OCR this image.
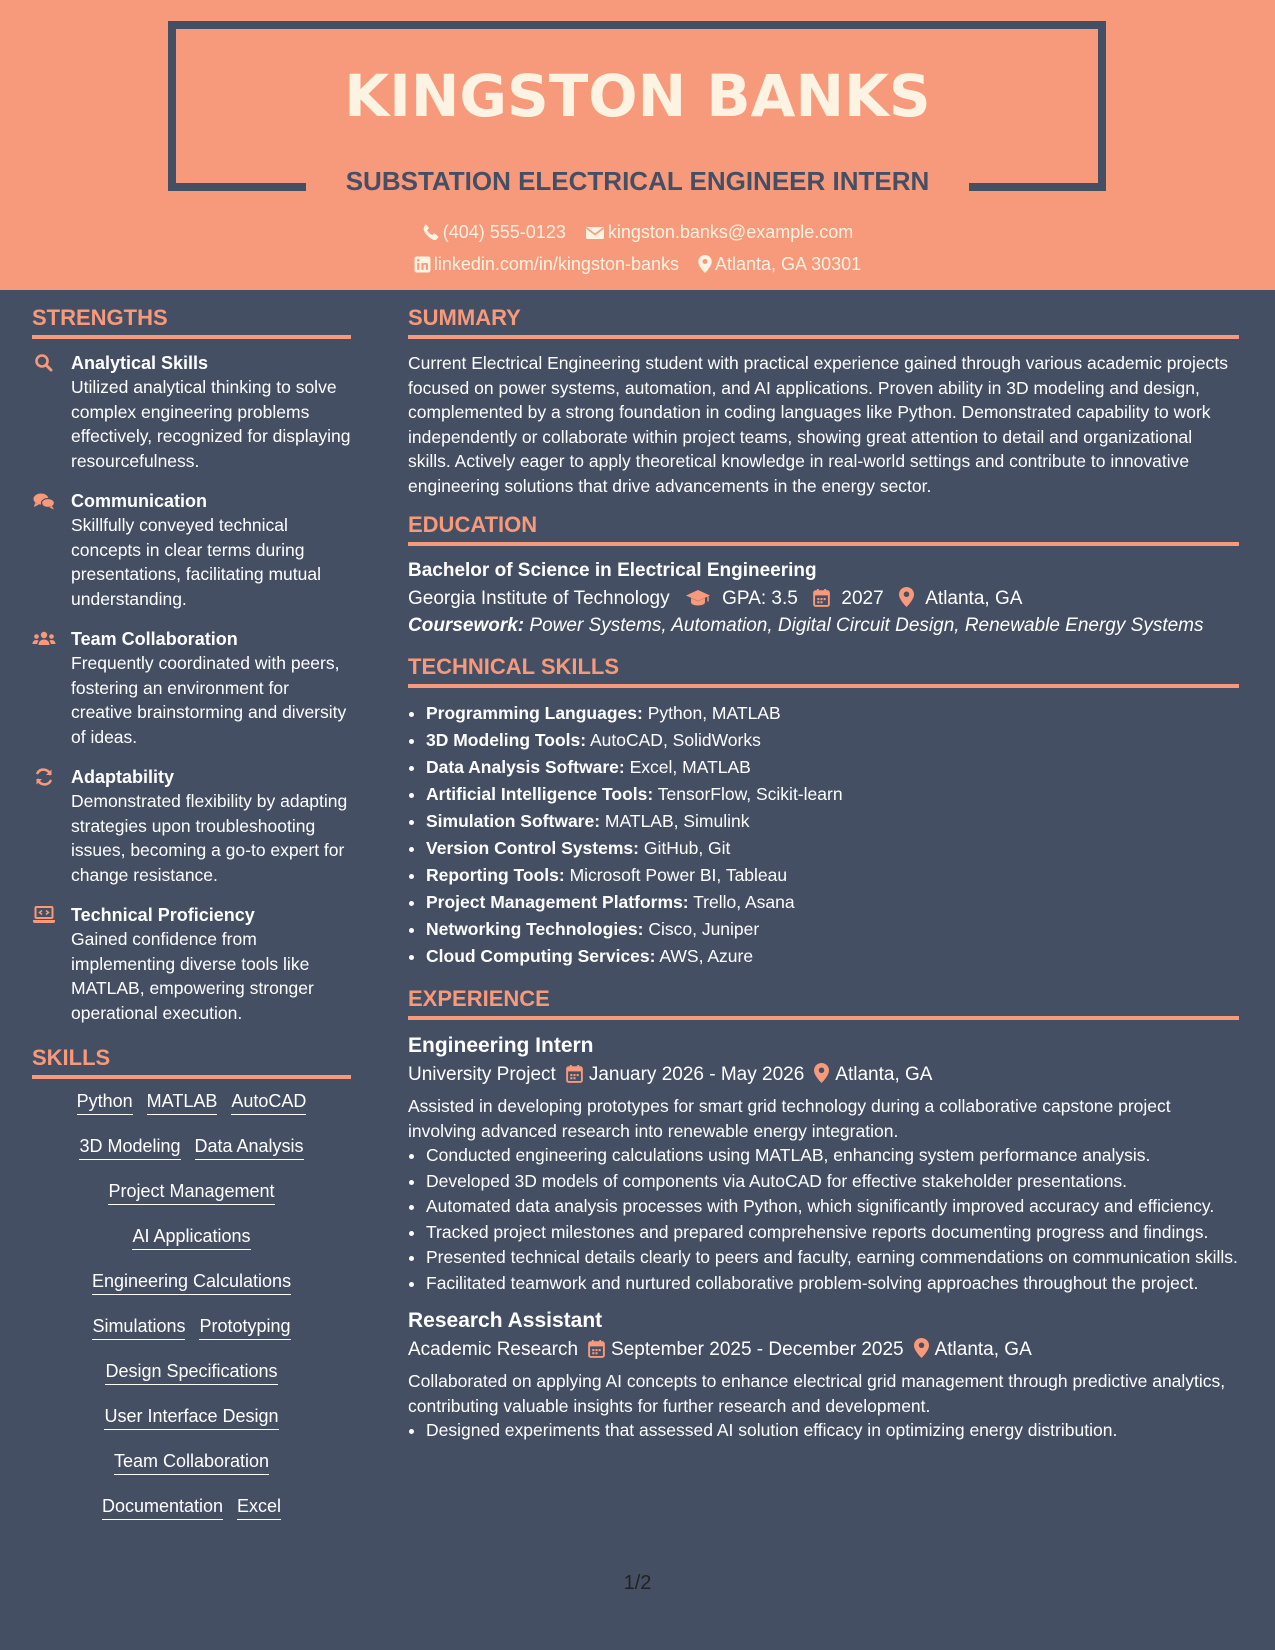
KINGSTON BANKS
SUBSTATION ELECTRICAL ENGINEER INTERN
(404) 555-0123 kingston.banks@example.com
linkedin.com/in/kingston-banks Atlanta, GA 30301
STRENGTHS
Analytical Skills
Utilized analytical thinking to solve complex engineering problems effectively, recognized for displaying resourcefulness.
Communication
Skillfully conveyed technical concepts in clear terms during presentations, facilitating mutual understanding.
Team Collaboration
Frequently coordinated with peers, fostering an environment for creative brainstorming and diversity of ideas.
Adaptability
Demonstrated flexibility by adapting strategies upon troubleshooting issues, becoming a go-to expert for change resistance.
Technical Proficiency
Gained confidence from implementing diverse tools like MATLAB, empowering stronger operational execution.
SKILLS
Python MATLAB AutoCAD
3D Modeling Data Analysis
Project Management
AI Applications
Engineering Calculations
Simulations Prototyping
Design Specifications
User Interface Design
Team Collaboration
Documentation Excel
SUMMARY
Current Electrical Engineering student with practical experience gained through various academic projects focused on power systems, automation, and AI applications. Proven ability in 3D modeling and design, complemented by a strong foundation in coding languages like Python. Demonstrated capability to work independently or collaborate within project teams, showing great attention to detail and organizational skills. Actively eager to apply theoretical knowledge in real-world settings and contribute to innovative engineering solutions that drive advancements in the energy sector.
EDUCATION
Bachelor of Science in Electrical Engineering
Georgia Institute of Technology	GPA: 3.5 2027 Atlanta, GA
Coursework: Power Systems, Automation, Digital Circuit Design, Renewable Energy Systems
TECHNICAL SKILLS
• Programming Languages: Python, MATLAB
• 3D Modeling Tools: AutoCAD, SolidWorks
• Data Analysis Software: Excel, MATLAB
• Artificial Intelligence Tools: TensorFlow, Scikit-learn
• Simulation Software: MATLAB, Simulink
• Version Control Systems: GitHub, Git
• Reporting Tools: Microsoft Power BI, Tableau
• Project Management Platforms: Trello, Asana
• Networking Technologies: Cisco, Juniper
• Cloud Computing Services: AWS, Azure
EXPERIENCE
Engineering Intern
University Project January 2026 - May 2026 Atlanta, GA
Assisted in developing prototypes for smart grid technology during a collaborative capstone project involving advanced research into renewable energy integration.
• Conducted engineering calculations using MATLAB, enhancing system performance analysis.
• Developed 3D models of components via AutoCAD for effective stakeholder presentations.
• Automated data analysis processes with Python, which significantly improved accuracy and efficiency.
• Tracked project milestones and prepared comprehensive reports documenting progress and findings.
• Presented technical details clearly to peers and faculty, earning commendations on communication skills.
• Facilitated teamwork and nurtured collaborative problem-solving approaches throughout the project.
Research Assistant
Academic Research September 2025 - December 2025 Atlanta, GA
Collaborated on applying AI concepts to enhance electrical grid management through predictive analytics, contributing valuable insights for further research and development.
• Designed experiments that assessed AI solution efficacy in optimizing energy distribution.
1/2
